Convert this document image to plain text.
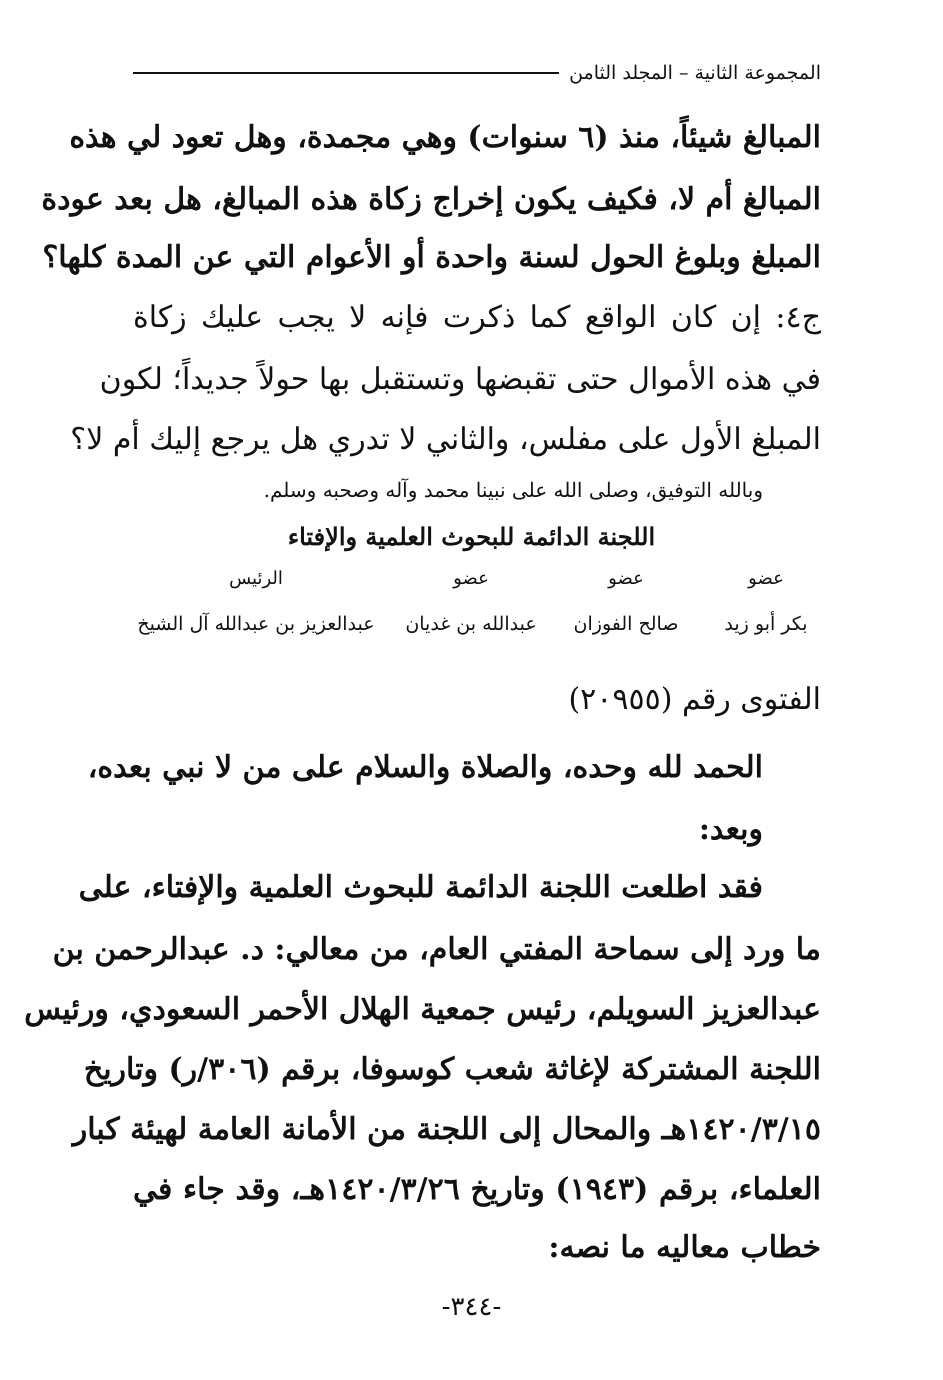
المجموعة الثانية – المجلد الثامن
المبالغ شيئاً، منذ (٦ سنوات) وهي مجمدة، وهل تعود لي هذه
المبالغ أم لا، فكيف يكون إخراج زكاة هذه المبالغ، هل بعد عودة
المبلغ وبلوغ الحول لسنة واحدة أو الأعوام التي عن المدة كلها؟
ج٤: إن كان الواقع كما ذكرت فإنه لا يجب عليك زكاة
في هذه الأموال حتى تقبضها وتستقبل بها حولاً جديداً؛ لكون
المبلغ الأول على مفلس، والثاني لا تدري هل يرجع إليك أم لا؟
وبالله التوفيق، وصلى الله على نبينا محمد وآله وصحبه وسلم.
اللجنة الدائمة للبحوث العلمية والإفتاء
عضو
بكر أبو زيد
عضو
صالح الفوزان
عضو
عبدالله بن غديان
الرئيس
عبدالعزيز بن عبدالله آل الشيخ
الفتوى رقم (٢٠٩٥٥)
الحمد لله وحده، والصلاة والسلام على من لا نبي بعده،
وبعد:
فقد اطلعت اللجنة الدائمة للبحوث العلمية والإفتاء، على
ما ورد إلى سماحة المفتي العام، من معالي: د. عبدالرحمن بن
عبدالعزيز السويلم، رئيس جمعية الهلال الأحمر السعودي، ورئيس
اللجنة المشتركة لإغاثة شعب كوسوفا، برقم (٣٠٦/ر) وتاريخ
١٤٢٠/٣/١٥هـ والمحال إلى اللجنة من الأمانة العامة لهيئة كبار
العلماء، برقم (١٩٤٣) وتاريخ ١٤٢٠/٣/٢٦هـ، وقد جاء في
خطاب معاليه ما نصه:
-٣٤٤-
